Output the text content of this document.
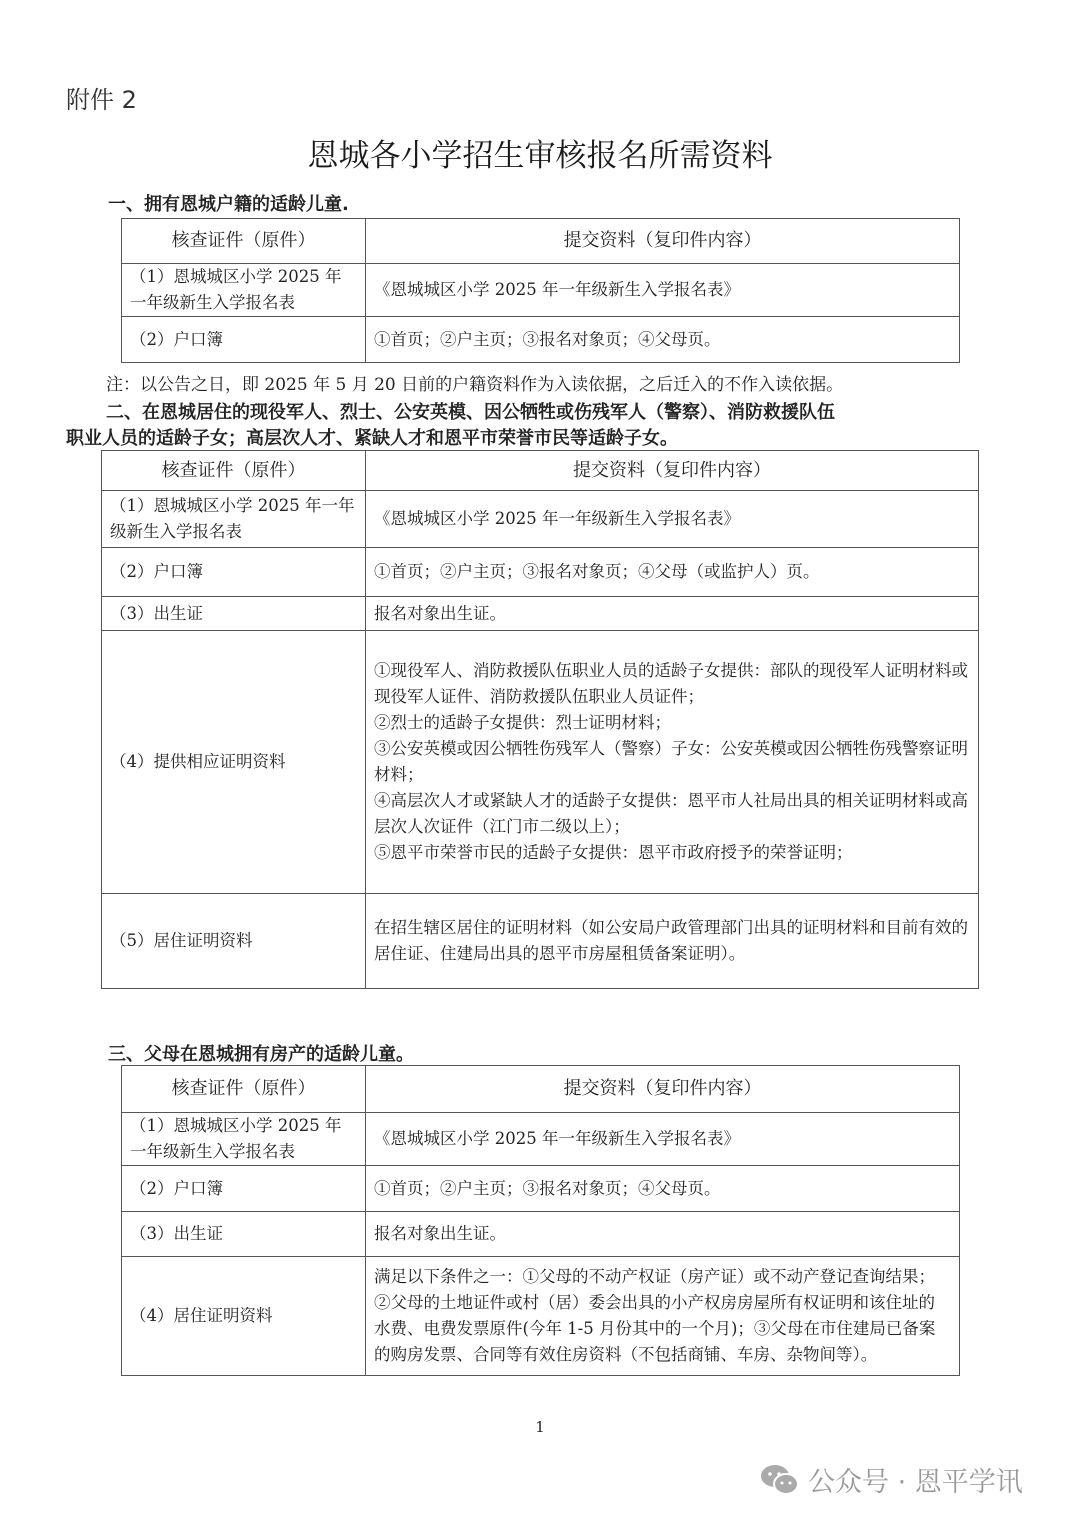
附件 2
恩城各小学招生审核报名所需资料
一、拥有恩城户籍的适龄儿童.
核查证件（原件）	提交资料（复印件内容）
（1）恩城城区小学 2025 年一年级新生入学报名表	《恩城城区小学 2025 年一年级新生入学报名表》
（2）户口簿	①首页；②户主页；③报名对象页；④父母页。
注：以公告之日，即 2025 年 5 月 20 日前的户籍资料作为入读依据，之后迁入的不作入读依据。
二、在恩城居住的现役军人、烈士、公安英模、因公牺牲或伤残军人（警察）、消防救援队伍
职业人员的适龄子女；高层次人才、紧缺人才和恩平市荣誉市民等适龄子女。
核查证件（原件）	提交资料（复印件内容）
（1）恩城城区小学 2025 年一年级新生入学报名表	《恩城城区小学 2025 年一年级新生入学报名表》
（2）户口簿	①首页；②户主页；③报名对象页；④父母（或监护人）页。
（3）出生证	报名对象出生证。
（4）提供相应证明资料	①现役军人、消防救援队伍职业人员的适龄子女提供：部队的现役军人证明材料或现役军人证件、消防救援队伍职业人员证件；
②烈士的适龄子女提供：烈士证明材料；
③公安英模或因公牺牲伤残军人（警察）子女：公安英模或因公牺牲伤残警察证明材料；
④高层次人才或紧缺人才的适龄子女提供：恩平市人社局出具的相关证明材料或高层次人次证件（江门市二级以上）；
⑤恩平市荣誉市民的适龄子女提供：恩平市政府授予的荣誉证明；
（5）居住证明资料	在招生辖区居住的证明材料（如公安局户政管理部门出具的证明材料和目前有效的居住证、住建局出具的恩平市房屋租赁备案证明）。
三、父母在恩城拥有房产的适龄儿童。
核查证件（原件）	提交资料（复印件内容）
（1）恩城城区小学 2025 年一年级新生入学报名表	《恩城城区小学 2025 年一年级新生入学报名表》
（2）户口簿	①首页；②户主页；③报名对象页；④父母页。
（3）出生证	报名对象出生证。
（4）居住证明资料	满足以下条件之一：①父母的不动产权证（房产证）或不动产登记查询结果；②父母的土地证件或村（居）委会出具的小产权房房屋所有权证明和该住址的水费、电费发票原件(今年 1-5 月份其中的一个月)；③父母在市住建局已备案的购房发票、合同等有效住房资料（不包括商铺、车房、杂物间等）。
1
公众号 · 恩平学讯
